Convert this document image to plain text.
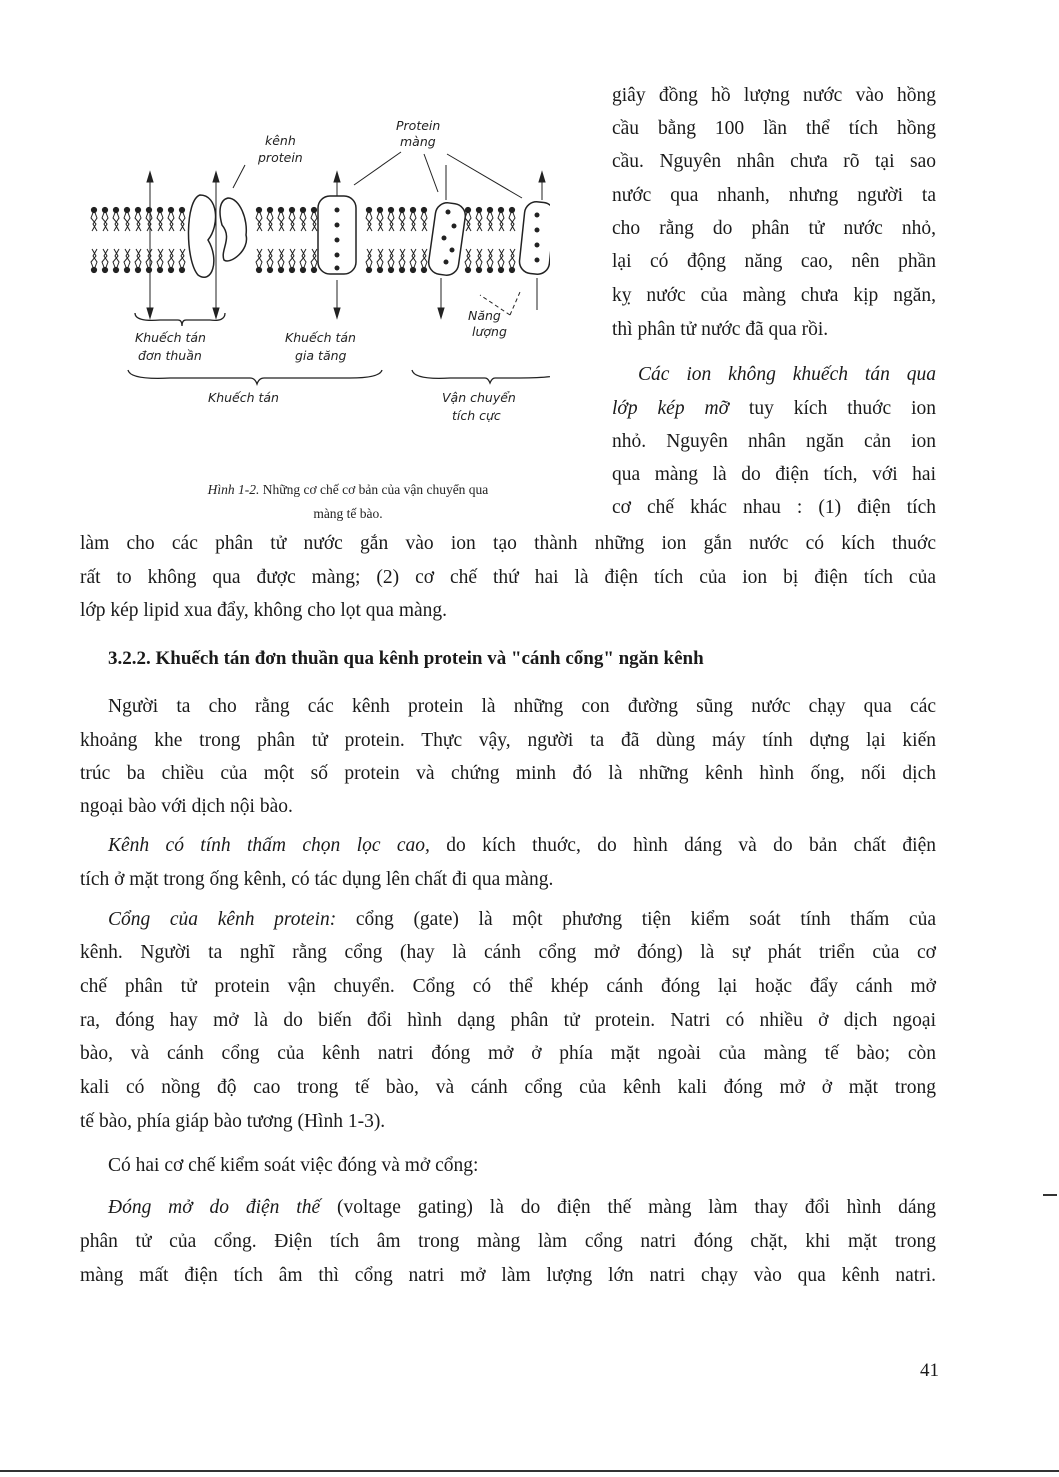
kênh
protein
Protein
màng
Khuếch tán
đơn thuần
Khuếch tán
gia tăng
Năng
lượng
Khuếch tán	Vận chuyển
tích cực
Hình 1-2. Những cơ chế cơ bản của vận chuyển qua
màng tế bào.
giây đồng hồ lượng nước vào hồng
cầu bằng 100 lần thể tích hồng
cầu. Nguyên nhân chưa rõ tại sao
nước qua nhanh, nhưng người ta
cho rằng do phân tử nước nhỏ,
lại có động năng cao, nên phần
kỵ nước của màng chưa kịp ngăn,
thì phân tử nước đã qua rồi.
Các ion không khuếch tán qua
lớp kép mỡ tuy kích thuớc ion
nhỏ. Nguyên nhân ngăn cản ion
qua màng là do điện tích, với hai
cơ chế khác nhau : (1) điện tích
làm cho các phân tử nước gắn vào ion tạo thành những ion gắn nước có kích thuớc
rất to không qua được màng; (2) cơ chế thứ hai là điện tích của ion bị điện tích của
lớp kép lipid xua đẩy, không cho lọt qua màng.
3.2.2. Khuếch tán đơn thuần qua kênh protein và "cánh cổng" ngăn kênh
Người ta cho rằng các kênh protein là những con đường sũng nước chạy qua các
khoảng khe trong phân tử protein. Thực vậy, người ta đã dùng máy tính dựng lại kiến
trúc ba chiều của một số protein và chứng minh đó là những kênh hình ống, nối dịch
ngoại bào với dịch nội bào.
Kênh có tính thấm chọn lọc cao, do kích thuớc, do hình dáng và do bản chất điện
tích ở mặt trong ống kênh, có tác dụng lên chất đi qua màng.
Cổng của kênh protein: cổng (gate) là một phương tiện kiểm soát tính thấm của
kênh. Người ta nghĩ rằng cổng (hay là cánh cổng mở đóng) là sự phát triển của cơ
chế phân tử protein vận chuyển. Cổng có thể khép cánh đóng lại hoặc đẩy cánh mở
ra, đóng hay mở là do biến đổi hình dạng phân tử protein. Natri có nhiều ở dịch ngoại
bào, và cánh cổng của kênh natri đóng mở ở phía mặt ngoài của màng tế bào; còn
kali có nồng độ cao trong tế bào, và cánh cổng của kênh kali đóng mở ở mặt trong
tế bào, phía giáp bào tương (Hình 1-3).
Có hai cơ chế kiểm soát việc đóng và mở cổng:
Đóng mở do điện thế (voltage gating) là do điện thế màng làm thay đổi hình dáng
phân tử của cổng. Điện tích âm trong màng làm cổng natri đóng chặt, khi mặt trong
màng mất điện tích âm thì cổng natri mở làm lượng lớn natri chạy vào qua kênh natri.
41
